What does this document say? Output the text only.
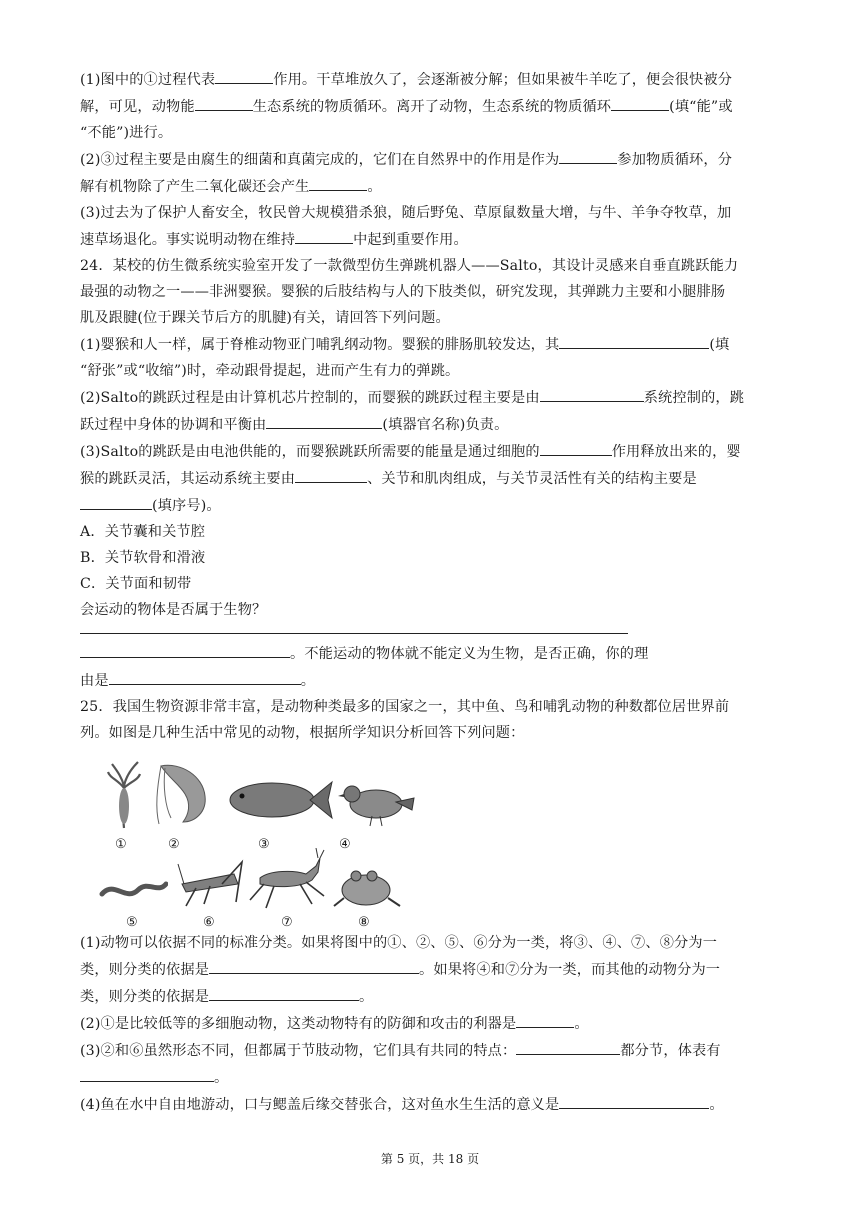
(1)图中的①过程代表	作用。干草堆放久了，会逐渐被分解；但如果被牛羊吃了，便会很快被分

解，可见，动物能	生态系统的物质循环。离开了动物，生态系统的物质循环	(填“能”或

“不能”)进行。

(2)③过程主要是由腐生的细菌和真菌完成的，它们在自然界中的作用是作为	参加物质循环，分

解有机物除了产生二氧化碳还会产生	。

(3)过去为了保护人畜安全，牧民曾大规模猎杀狼，随后野兔、草原鼠数量大增，与牛、羊争夺牧草，加

速草场退化。事实说明动物在维持	中起到重要作用。

24．某校的仿生微系统实验室开发了一款微型仿生弹跳机器人——Salto，其设计灵感来自垂直跳跃能力

最强的动物之一——非洲婴猴。婴猴的后肢结构与人的下肢类似，研究发现，其弹跳力主要和小腿腓肠

肌及跟腱(位于踝关节后方的肌腱)有关，请回答下列问题。

(1)婴猴和人一样，属于脊椎动物亚门哺乳纲动物。婴猴的腓肠肌较发达，其	(填

“舒张”或“收缩”)时，牵动跟骨提起，进而产生有力的弹跳。

(2)Salto的跳跃过程是由计算机芯片控制的，而婴猴的跳跃过程主要是由	系统控制的，跳

跃过程中身体的协调和平衡由	(填器官名称)负责。

(3)Salto的跳跃是由电池供能的，而婴猴跳跃所需要的能量是通过细胞的	作用释放出来的，婴

猴的跳跃灵活，其运动系统主要由	、关节和肌肉组成，与关节灵活性有关的结构主要是

(填序号)。

A．关节囊和关节腔

B．关节软骨和滑液

C．关节面和韧带

会运动的物体是否属于生物？

。不能运动的物体就不能定义为生物，是否正确，你的理

由是	。

25．我国生物资源非常丰富，是动物种类最多的国家之一，其中鱼、鸟和哺乳动物的种数都位居世界前

列。如图是几种生活中常见的动物，根据所学知识分析回答下列问题：

①	②	③	④
⑤	⑥	⑦	⑧

(1)动物可以依据不同的标准分类。如果将图中的①、②、⑤、⑥分为一类，将③、④、⑦、⑧分为一

类，则分类的依据是	。如果将④和⑦分为一类，而其他的动物分为一

类，则分类的依据是	。

(2)①是比较低等的多细胞动物，这类动物特有的防御和攻击的利器是	。

(3)②和⑥虽然形态不同，但都属于节肢动物，它们具有共同的特点：	都分节，体表有

。

(4)鱼在水中自由地游动，口与鳃盖后缘交替张合，这对鱼水生生活的意义是	。

第 5 页，共 18 页
